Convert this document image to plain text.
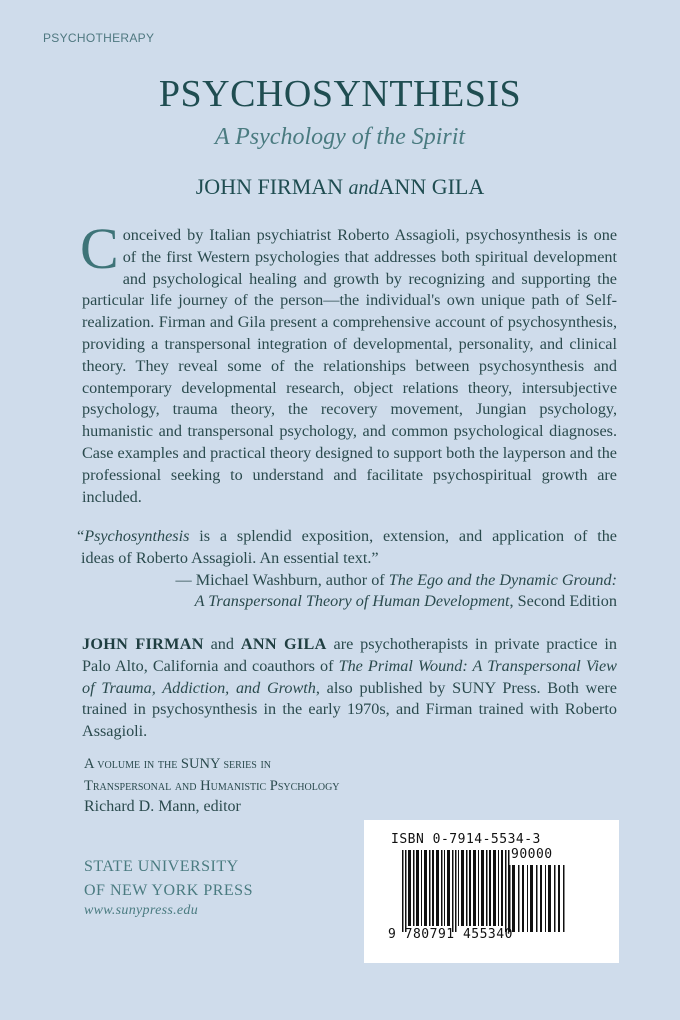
PSYCHOTHERAPY
PSYCHOSYNTHESIS
A Psychology of the Spirit
JOHN FIRMAN andANN GILA

Conceived by Italian psychiatrist Roberto Assagioli, psychosynthesis is one of the first Western psychologies that addresses both spiritual development and psychological healing and growth by recognizing and supporting the particular life journey of the person—the individual's own unique path of Self-realization. Firman and Gila present a comprehensive account of psychosynthesis, providing a transpersonal integration of developmental, personality, and clinical theory. They reveal some of the relationships between psychosynthesis and contemporary developmental research, object relations theory, intersubjective psychology, trauma theory, the recovery movement, Jungian psychology, humanistic and transpersonal psychology, and common psychological diagnoses. Case examples and practical theory designed to support both the layperson and the professional seeking to understand and facilitate psychospiritual growth are included.

“Psychosynthesis is a splendid exposition, extension, and application of the

ideas of Roberto Assagioli. An essential text.”

— Michael Washburn, author of The Ego and the Dynamic Ground:

A Transpersonal Theory of Human Development, Second Edition

JOHN FIRMAN and ANN GILA are psychotherapists in private practice in Palo Alto, California and coauthors of The Primal Wound: A Transpersonal View of Trauma, Addiction, and Growth, also published by SUNY Press. Both were trained in psychosynthesis in the early 1970s, and Firman trained with Roberto Assagioli.

A volume in the SUNY series in
Transpersonal and Humanistic Psychology
Richard D. Mann, editor
STATE UNIVERSITY
OF NEW YORK PRESS
www.sunypress.edu
ISBN 0-7914-5534-3
90000
9 780791 455340
